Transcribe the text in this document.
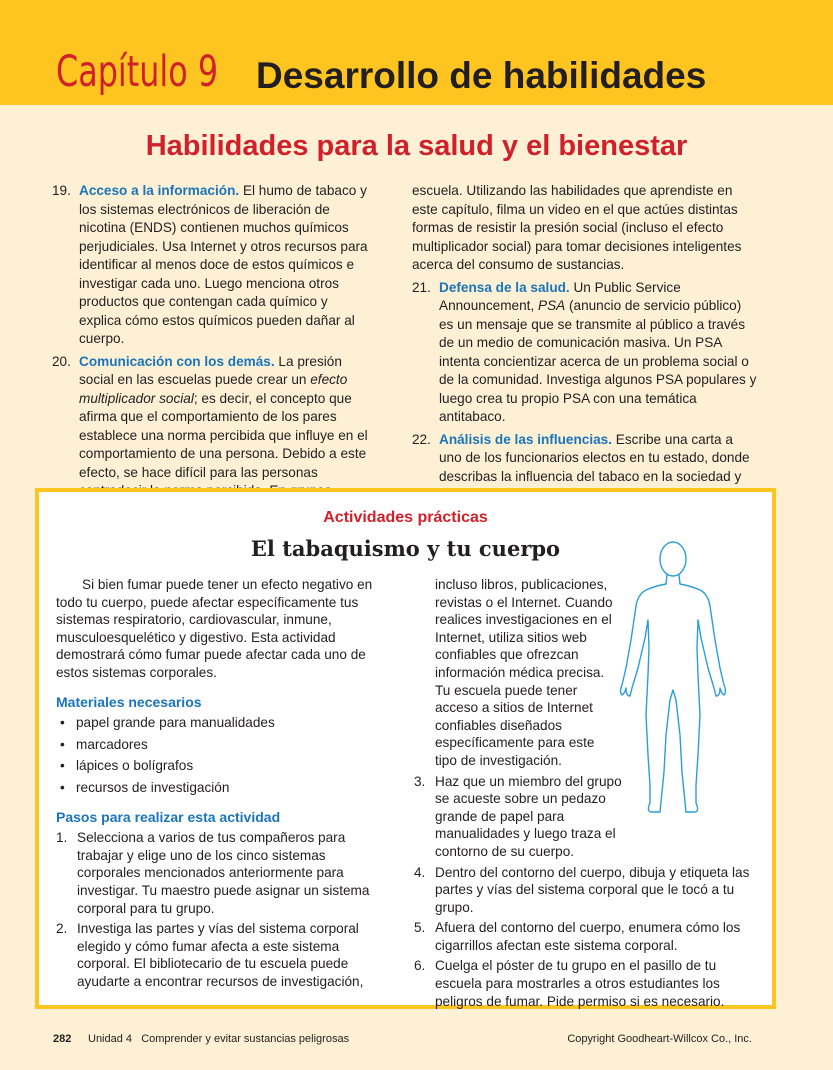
Capítulo 9 Desarrollo de habilidades
Habilidades para la salud y el bienestar

19. Acceso a la información. El humo de tabaco y los sistemas electrónicos de liberación de nicotina (ENDS) contienen muchos químicos perjudiciales. Usa Internet y otros recursos para identificar al menos doce de estos químicos e investigar cada uno. Luego menciona otros productos que contengan cada químico y explica cómo estos químicos pueden dañar al cuerpo.

20. Comunicación con los demás. La presión social en las escuelas puede crear un efecto multiplicador social; es decir, el concepto que afirma que el comportamiento de los pares establece una norma percibida que influye en el comportamiento de una persona. Debido a este efecto, se hace difícil para las personas

escuela. Utilizando las habilidades que aprendiste en este capítulo, filma un video en el que actúes distintas formas de resistir la presión social (incluso el efecto multiplicador social) para tomar decisiones inteligentes acerca del consumo de sustancias.

21. Defensa de la salud. Un Public Service Announcement, PSA (anuncio de servicio público) es un mensaje que se transmite al público a través de un medio de comunicación masiva. Un PSA intenta concientizar acerca de un problema social o de la comunidad. Investiga algunos PSA populares y luego crea tu propio PSA con una temática antitabaco.

22. Análisis de las influencias. Escribe una carta a uno de los funcionarios electos en tu estado, donde describas la influencia del tabaco en la sociedad y

Actividades prácticas
El tabaquismo y tu cuerpo

Si bien fumar puede tener un efecto negativo en todo tu cuerpo, puede afectar específicamente tus sistemas respiratorio, cardiovascular, inmune, musculoesquelético y digestivo. Esta actividad demostrará cómo fumar puede afectar cada uno de estos sistemas corporales.

Materiales necesarios

• papel grande para manualidades

• marcadores

• lápices o bolígrafos

• recursos de investigación

Pasos para realizar esta actividad

1. Selecciona a varios de tus compañeros para trabajar y elige uno de los cinco sistemas corporales mencionados anteriormente para investigar. Tu maestro puede asignar un sistema corporal para tu grupo.

2. Investiga las partes y vías del sistema corporal elegido y cómo fumar afecta a este sistema corporal. El bibliotecario de tu escuela puede ayudarte a encontrar recursos de investigación,

incluso libros, publicaciones, revistas o el Internet. Cuando realices investigaciones en el Internet, utiliza sitios web confiables que ofrezcan información médica precisa. Tu escuela puede tener acceso a sitios de Internet confiables diseñados específicamente para este tipo de investigación.

3. Haz que un miembro del grupo se acueste sobre un pedazo grande de papel para manualidades y luego traza el contorno de su cuerpo.

4. Dentro del contorno del cuerpo, dibuja y etiqueta las partes y vías del sistema corporal que le tocó a tu grupo.

5. Afuera del contorno del cuerpo, enumera cómo los cigarrillos afectan este sistema corporal.

6. Cuelga el póster de tu grupo en el pasillo de tu escuela para mostrarles a otros estudiantes los peligros de fumar. Pide permiso si es necesario.

282 Unidad 4   Comprender y evitar sustancias peligrosas	Copyright Goodheart-Willcox Co., Inc.
